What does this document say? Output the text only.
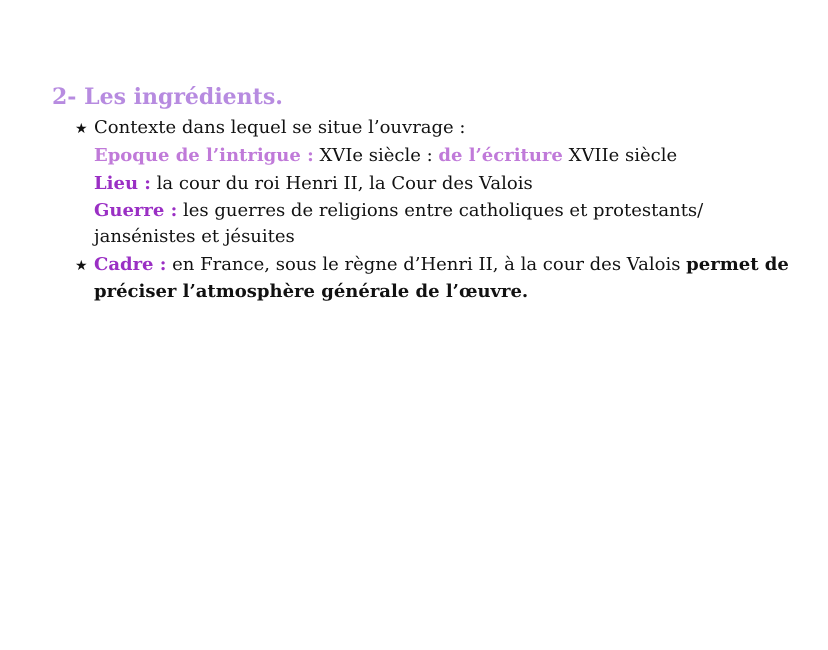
2- Les ingrédients.
★ Contexte dans lequel se situe l’ouvrage :
Epoque de l’intrigue : XVIe siècle : de l’écriture XVIIe siècle
Lieu : la cour du roi Henri II, la Cour des Valois
Guerre : les guerres de religions entre catholiques et protestants/
jansénistes et jésuites
★ Cadre : en France, sous le règne d’Henri II, à la cour des Valois permet de
préciser l’atmosphère générale de l’œuvre.
